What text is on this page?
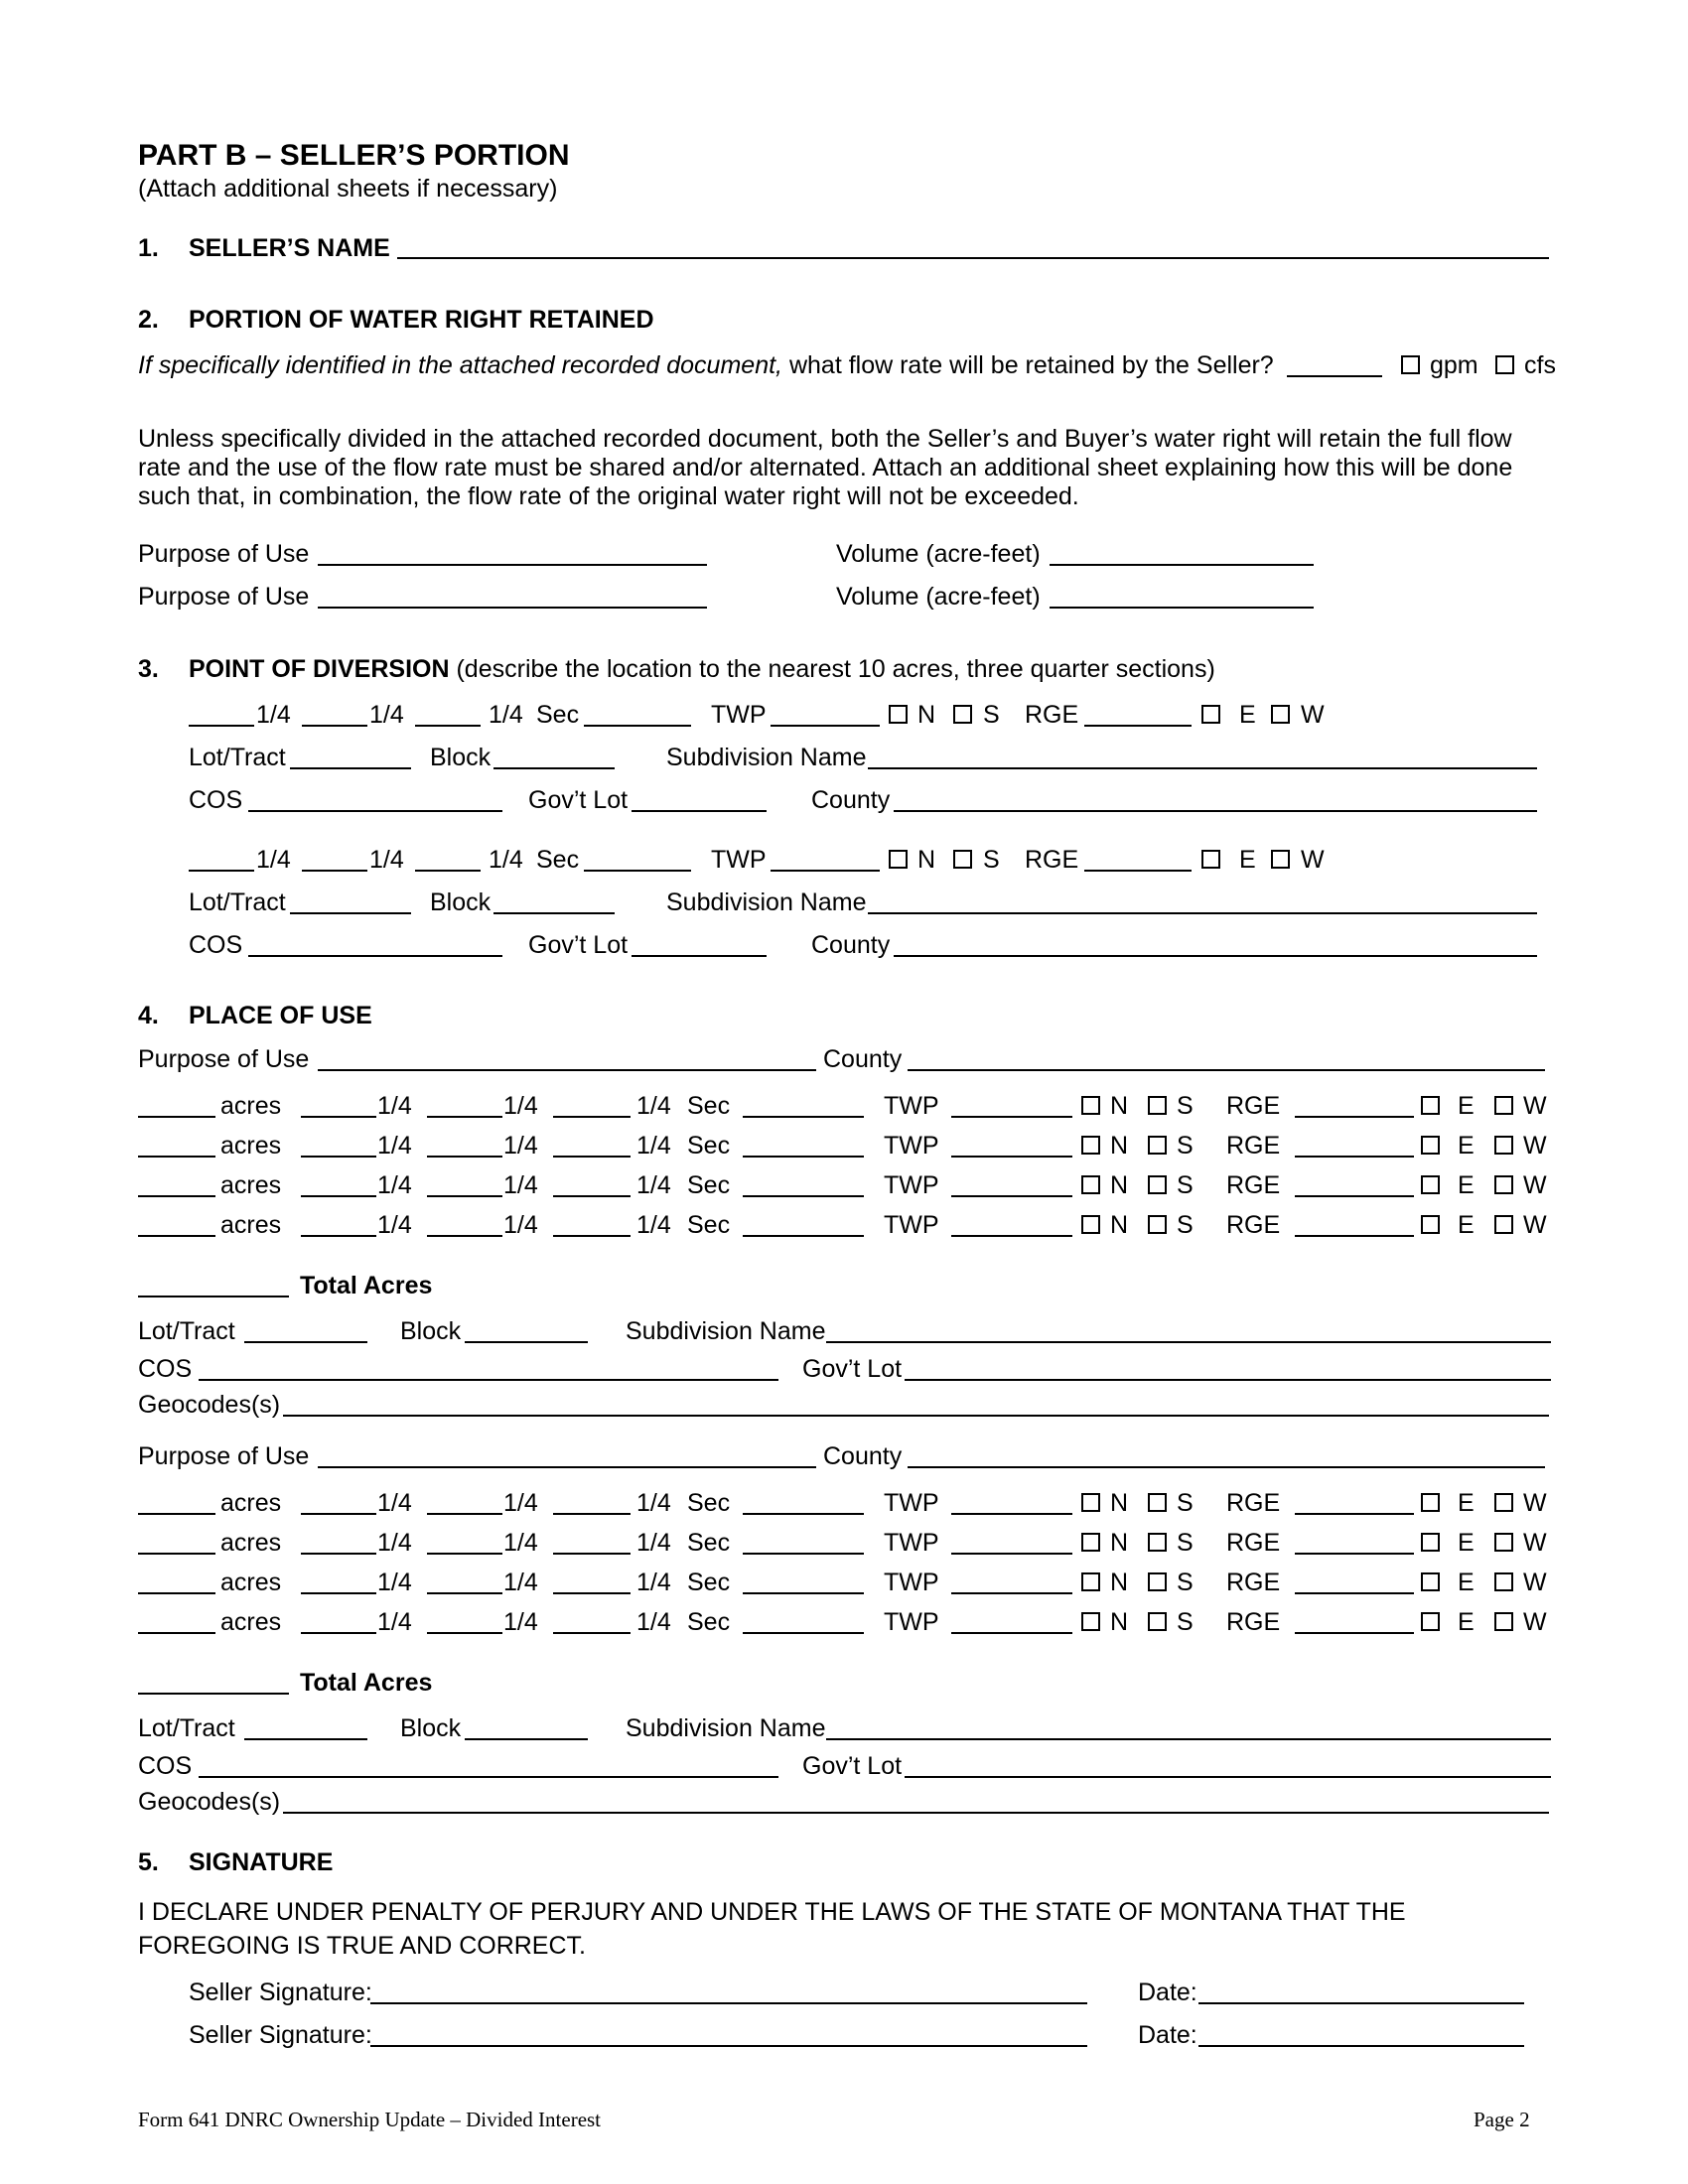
PART B – SELLER’S PORTION
(Attach additional sheets if necessary)
1. SELLER’S NAME
2. PORTION OF WATER RIGHT RETAINED
If specifically identified in the attached recorded document, what flow rate will be retained by the Seller?	gpm cfs
Unless specifically divided in the attached recorded document, both the Seller’s and Buyer’s water right will retain the full flow rate and the use of the flow rate must be shared and/or alternated. Attach an additional sheet explaining how this will be done such that, in combination, the flow rate of the original water right will not be exceeded.
Purpose of Use	Volume (acre-feet)
Purpose of Use	Volume (acre-feet)
3. POINT OF DIVERSION (describe the location to the nearest 10 acres, three quarter sections)
1/4	1/4	1/4 Sec	TWP	N S RGE	E W
Lot/Tract	Block	Subdivision Name
COS	Gov’t Lot	County
1/4	1/4	1/4 Sec	TWP	N S RGE	E W
Lot/Tract	Block	Subdivision Name
COS	Gov’t Lot	County
PLACE OF USE
4.
Purpose of Use	County
acres	1/4	1/4	1/4 Sec	TWP	N S RGE	E W
acres	1/4	1/4	1/4 Sec	TWP	N S RGE	E W
acres	1/4	1/4	1/4 Sec	TWP	N S RGE	E W
acres	1/4	1/4	1/4 Sec	TWP	N S RGE	E W
Total Acres
Lot/Tract	Block	Subdivision Name
COS	Gov’t Lot
Geocodes(s)
Purpose of Use	County
acres	1/4	1/4	1/4 Sec	TWP	N S RGE	E W
acres	1/4	1/4	1/4 Sec	TWP	N S RGE	E W
acres	1/4	1/4	1/4 Sec	TWP	N S RGE	E W
acres	1/4	1/4	1/4 Sec	TWP	N S RGE	E W
Total Acres
Lot/Tract	Block	Subdivision Name
COS	Gov’t Lot
Geocodes(s)
5. SIGNATURE
I DECLARE UNDER PENALTY OF PERJURY AND UNDER THE LAWS OF THE STATE OF MONTANA THAT THE
FOREGOING IS TRUE AND CORRECT.
Seller Signature:	Date:
Seller Signature:	Date:
Form 641 DNRC Ownership Update – Divided Interest	Page 2
